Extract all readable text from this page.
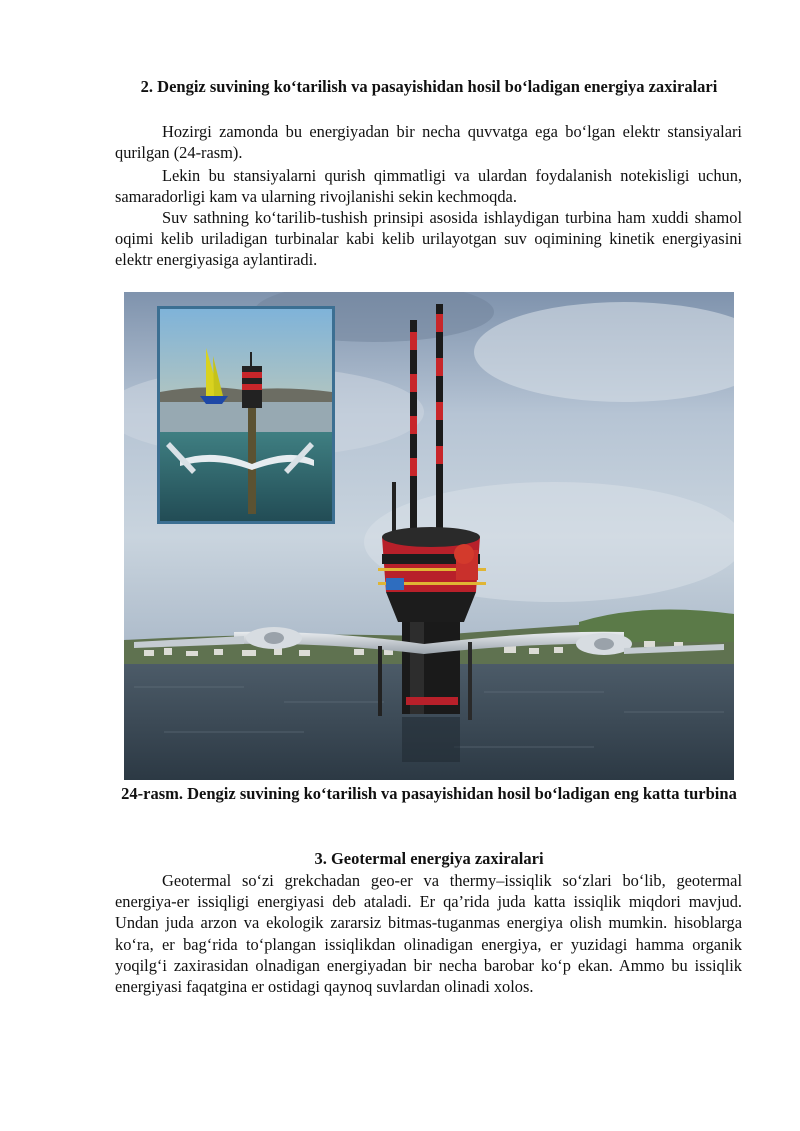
2. Dengiz suvining ko‘tarilish va pasayishidan hosil bo‘ladigan energiya zaxiralari

Hozirgi zamonda bu energiyadan bir necha quvvatga ega bo‘lgan elektr stansiyalari qurilgan (24-rasm).

Lekin bu stansiyalarni qurish qimmatligi va ulardan foydalanish notekisligi uchun, samaradorligi kam va ularning rivojlanishi sekin kechmoqda.

Suv sathning ko‘tarilib-tushish prinsipi asosida ishlaydigan turbina ham xuddi shamol oqimi kelib uriladigan turbinalar kabi kelib urilayotgan suv oqimining kinetik energiyasini elektr energiyasiga aylantiradi.

24-rasm. Dengiz suvining ko‘tarilish va pasayishidan hosil bo‘ladigan eng katta turbina

3. Geotermal energiya zaxiralari

Geotermal so‘zi grekchadan geo-er va thermy–issiqlik so‘zlari bo‘lib, geotermal energiya-er issiqligi energiyasi deb ataladi. Er qa’rida juda katta issiqlik miqdori mavjud. Undan juda arzon va ekologik zararsiz bitmas-tuganmas energiya olish mumkin. hisoblarga ko‘ra, er bag‘rida to‘plangan issiqlikdan olinadigan energiya, er yuzidagi hamma organik yoqilg‘i zaxirasidan olnadigan energiyadan bir necha barobar ko‘p ekan. Ammo bu issiqlik energiyasi faqatgina er ostidagi qaynoq suvlardan olinadi xolos.
